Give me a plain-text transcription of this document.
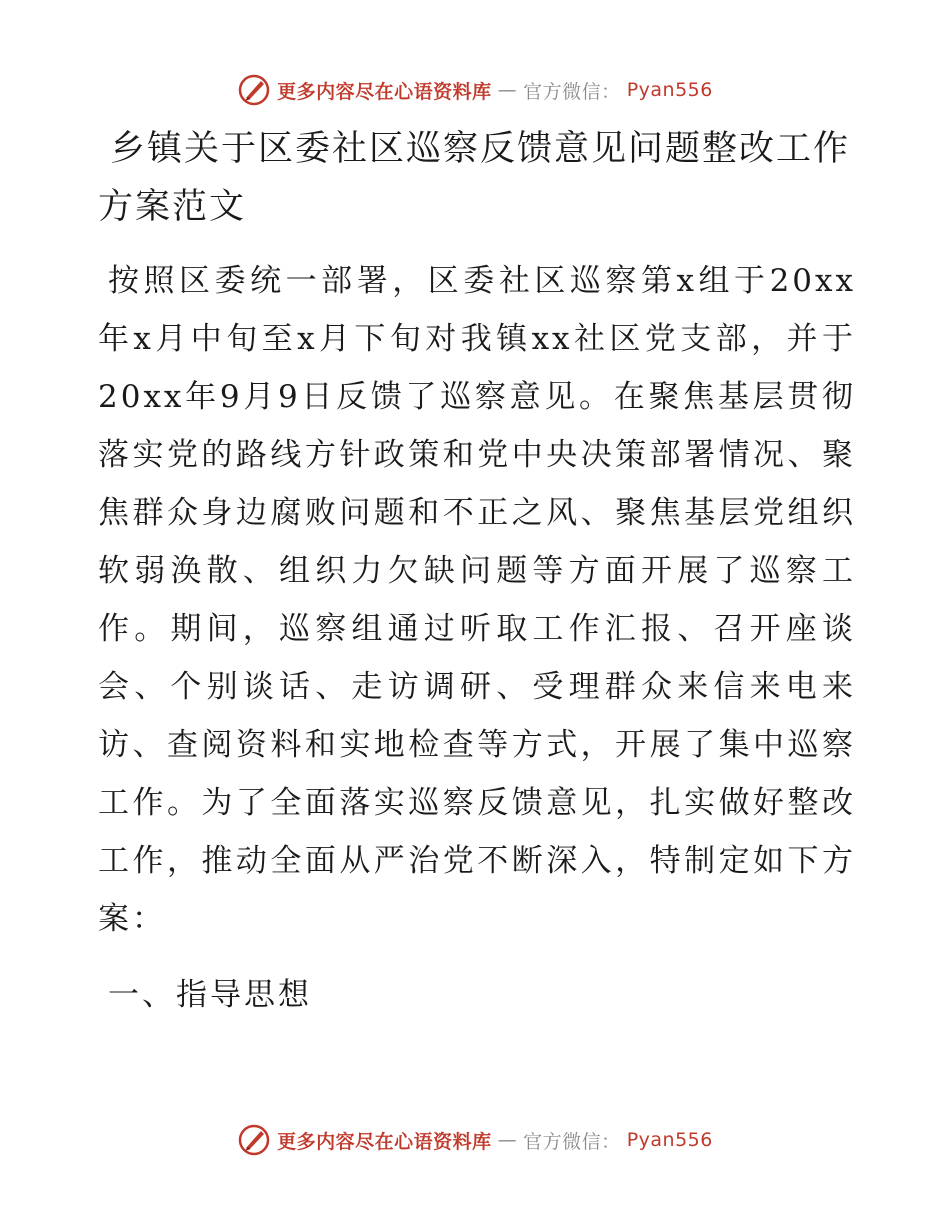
更多内容尽在心语资料库 — 官方微信： Pyan556
乡镇关于区委社区巡察反馈意见问题整改工作方案范文

按照区委统一部署，区委社区巡察第x组于20xx年x月中旬至x月下旬对我镇xx社区党支部，并于20xx年9月9日反馈了巡察意见。在聚焦基层贯彻落实党的路线方针政策和党中央决策部署情况、聚焦群众身边腐败问题和不正之风、聚焦基层党组织软弱涣散、组织力欠缺问题等方面开展了巡察工作。期间，巡察组通过听取工作汇报、召开座谈会、个别谈话、走访调研、受理群众来信来电来访、查阅资料和实地检查等方式，开展了集中巡察工作。为了全面落实巡察反馈意见，扎实做好整改工作，推动全面从严治党不断深入，特制定如下方案：

一、指导思想
更多内容尽在心语资料库 — 官方微信： Pyan556
